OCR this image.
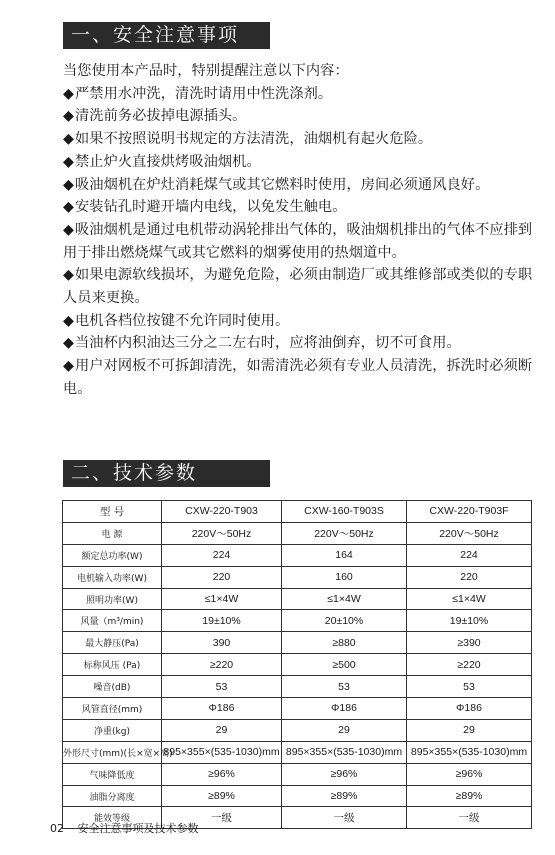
一、安全注意事项

当您使用本产品时，特别提醒注意以下内容：

◆严禁用水冲洗，清洗时请用中性洗涤剂。

◆清洗前务必拔掉电源插头。

◆如果不按照说明书规定的方法清洗，油烟机有起火危险。

◆禁止炉火直接烘烤吸油烟机。

◆吸油烟机在炉灶消耗煤气或其它燃料时使用，房间必须通风良好。

◆安装钻孔时避开墙内电线，以免发生触电。

◆吸油烟机是通过电机带动涡轮排出气体的，吸油烟机排出的气体不应排到用于排出燃烧煤气或其它燃料的烟雾使用的热烟道中。

◆如果电源软线损坏，为避免危险，必须由制造厂或其维修部或类似的专职人员来更换。

◆电机各档位按键不允许同时使用。

◆当油杯内积油达三分之二左右时，应将油倒弃，切不可食用。

◆用户对网板不可拆卸清洗，如需清洗必须有专业人员清洗，拆洗时必须断电。

二、技术参数
型 号	CXW-220-T903	CXW-160-T903S	CXW-220-T903F
电 源	220V～50Hz	220V～50Hz	220V～50Hz
额定总功率(W)	224	164	224
电机输入功率(W)	220	160	220
照明功率(W)	≤1×4W	≤1×4W	≤1×4W
风量（m³/min)	19±10%	20±10%	19±10%
最大静压(Pa)	390	≥880	≥390
标称风压 (Pa)	≥220	≥500	≥220
噪音(dB)	53	53	53
风管直径(mm)	Φ186	Φ186	Φ186
净重(kg)	29	29	29
外形尺寸(mm)(长×宽×高)	895×355×(535-1030)mm	895×355×(535-1030)mm	895×355×(535-1030)mm
气味降低度	≥96%	≥96%	≥96%
油脂分离度	≥89%	≥89%	≥89%
能效等级	一级	一级	一级
02 安全注意事项及技术参数
